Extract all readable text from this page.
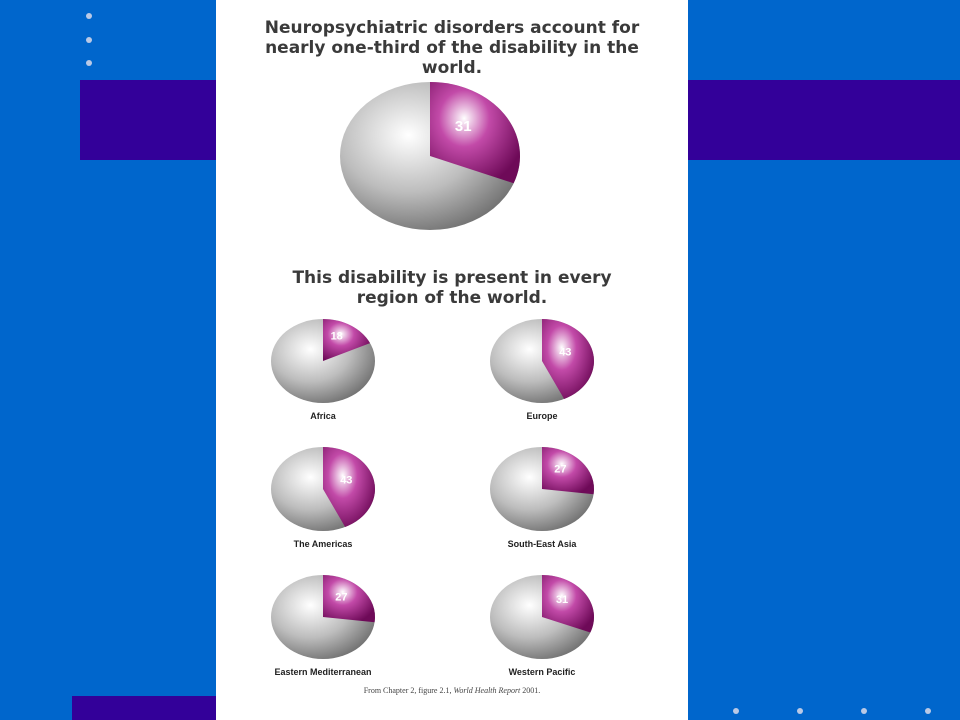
Neuropsychiatric disorders account for nearly one-third of the disability in the world.

This disability is present in every region of the world.

31
18
Africa
43
Europe
43
The Americas
27
South-East Asia
27
Eastern Mediterranean
31
Western Pacific

From Chapter 2, figure 2.1, World Health Report 2001.
